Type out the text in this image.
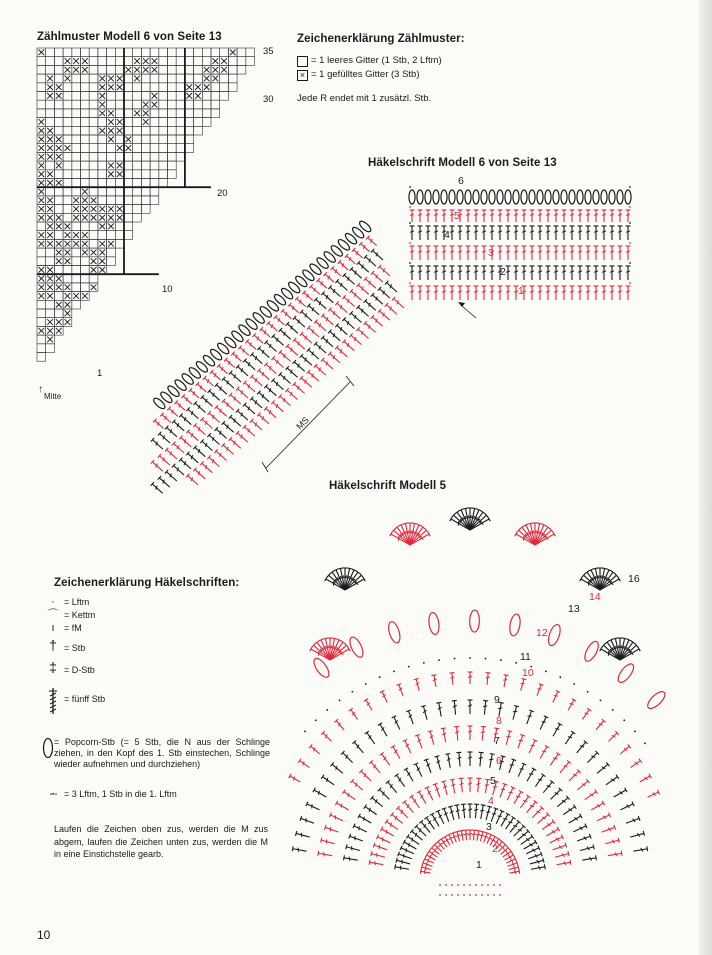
Zählmuster Modell 6 von Seite 13
35
30
20
10
1
↑
Mitte
Zeichenerklärung Zählmuster:
= 1 leeres Gitter (1 Stb, 2 Lftm)
× = 1 gefülltes Gitter (3 Stb)
Jede R endet mit 1 zusätzl. Stb.
Häkelschrift Modell 6 von Seite 13
MS
6
5
4
3
2
1
Häkelschrift Modell 5
16
14
13
12
11
10
9
8
7
6
5
4
3
2
1
Zeichenerklärung Häkelschriften:
·	= Lftm
⌒ = Kettm
ı	= fM
† = Stb
‡ = D-Stb
= fünff Stb
= Popcorn-Stb (= 5 Stb, die N aus der Schlinge ziehen, in den Kopf des 1. Stb einstechen, Schlinge wieder aufnehmen und durchziehen)
-·- = 3 Lftm, 1 Stb in die 1. Lftm
Laufen die Zeichen oben zus, werden die M zus abgem, laufen die Zeichen unten zus, werden die M in eine Einstichstelle gearb.
10
